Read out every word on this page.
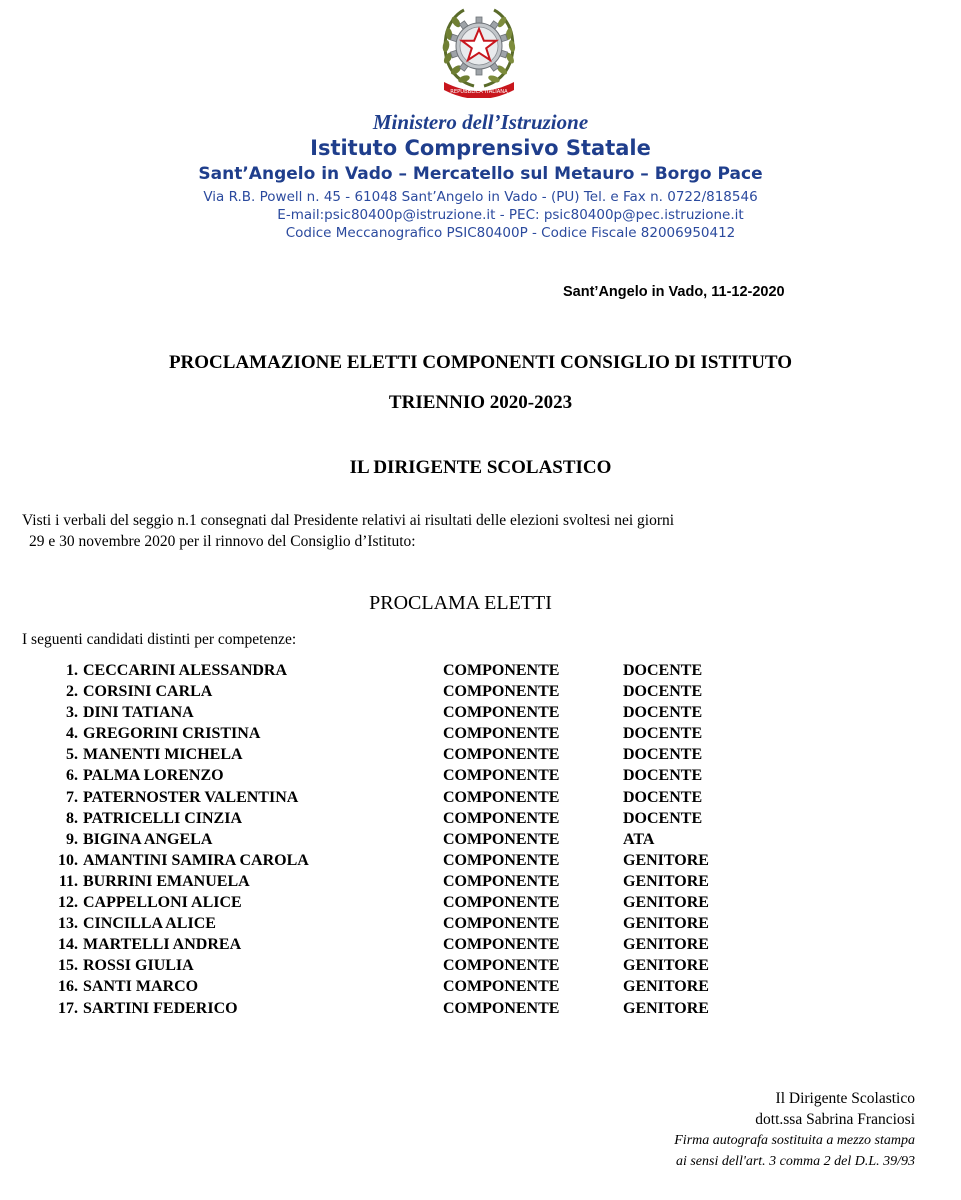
REPUBBLICA ITALIANA
Ministero dell’Istruzione
Istituto Comprensivo Statale
Sant’Angelo in Vado – Mercatello sul Metauro – Borgo Pace
Via R.B. Powell n. 45 - 61048 Sant’Angelo in Vado - (PU) Tel. e Fax n. 0722/818546
E-mail:psic80400p@istruzione.it - PEC: psic80400p@pec.istruzione.it
Codice Meccanografico PSIC80400P - Codice Fiscale 82006950412
Sant’Angelo in Vado, 11-12-2020
PROCLAMAZIONE ELETTI COMPONENTI CONSIGLIO DI ISTITUTO
TRIENNIO 2020-2023
IL DIRIGENTE SCOLASTICO
Visti i verbali del seggio n.1 consegnati dal Presidente relativi ai risultati delle elezioni svoltesi nei giorni
29 e 30 novembre 2020 per il rinnovo del Consiglio d’Istituto:
PROCLAMA ELETTI
I seguenti candidati distinti per competenze:
1. CECCARINI ALESSANDRA	COMPONENTE	DOCENTE
2. CORSINI CARLA	COMPONENTE	DOCENTE
3. DINI TATIANA	COMPONENTE	DOCENTE
4. GREGORINI CRISTINA	COMPONENTE	DOCENTE
5. MANENTI MICHELA	COMPONENTE	DOCENTE
6. PALMA LORENZO	COMPONENTE	DOCENTE
7. PATERNOSTER VALENTINA	COMPONENTE	DOCENTE
8. PATRICELLI CINZIA	COMPONENTE	DOCENTE
9. BIGINA ANGELA	COMPONENTE	ATA
10. AMANTINI SAMIRA CAROLA	COMPONENTE	GENITORE
11. BURRINI EMANUELA	COMPONENTE	GENITORE
12. CAPPELLONI ALICE	COMPONENTE	GENITORE
13. CINCILLA ALICE	COMPONENTE	GENITORE
14. MARTELLI ANDREA	COMPONENTE	GENITORE
15. ROSSI GIULIA	COMPONENTE	GENITORE
16. SANTI MARCO	COMPONENTE	GENITORE
17. SARTINI FEDERICO	COMPONENTE	GENITORE
Il Dirigente Scolastico
dott.ssa Sabrina Franciosi
Firma autografa sostituita a mezzo stampa
ai sensi dell'art. 3 comma 2 del D.L. 39/93
